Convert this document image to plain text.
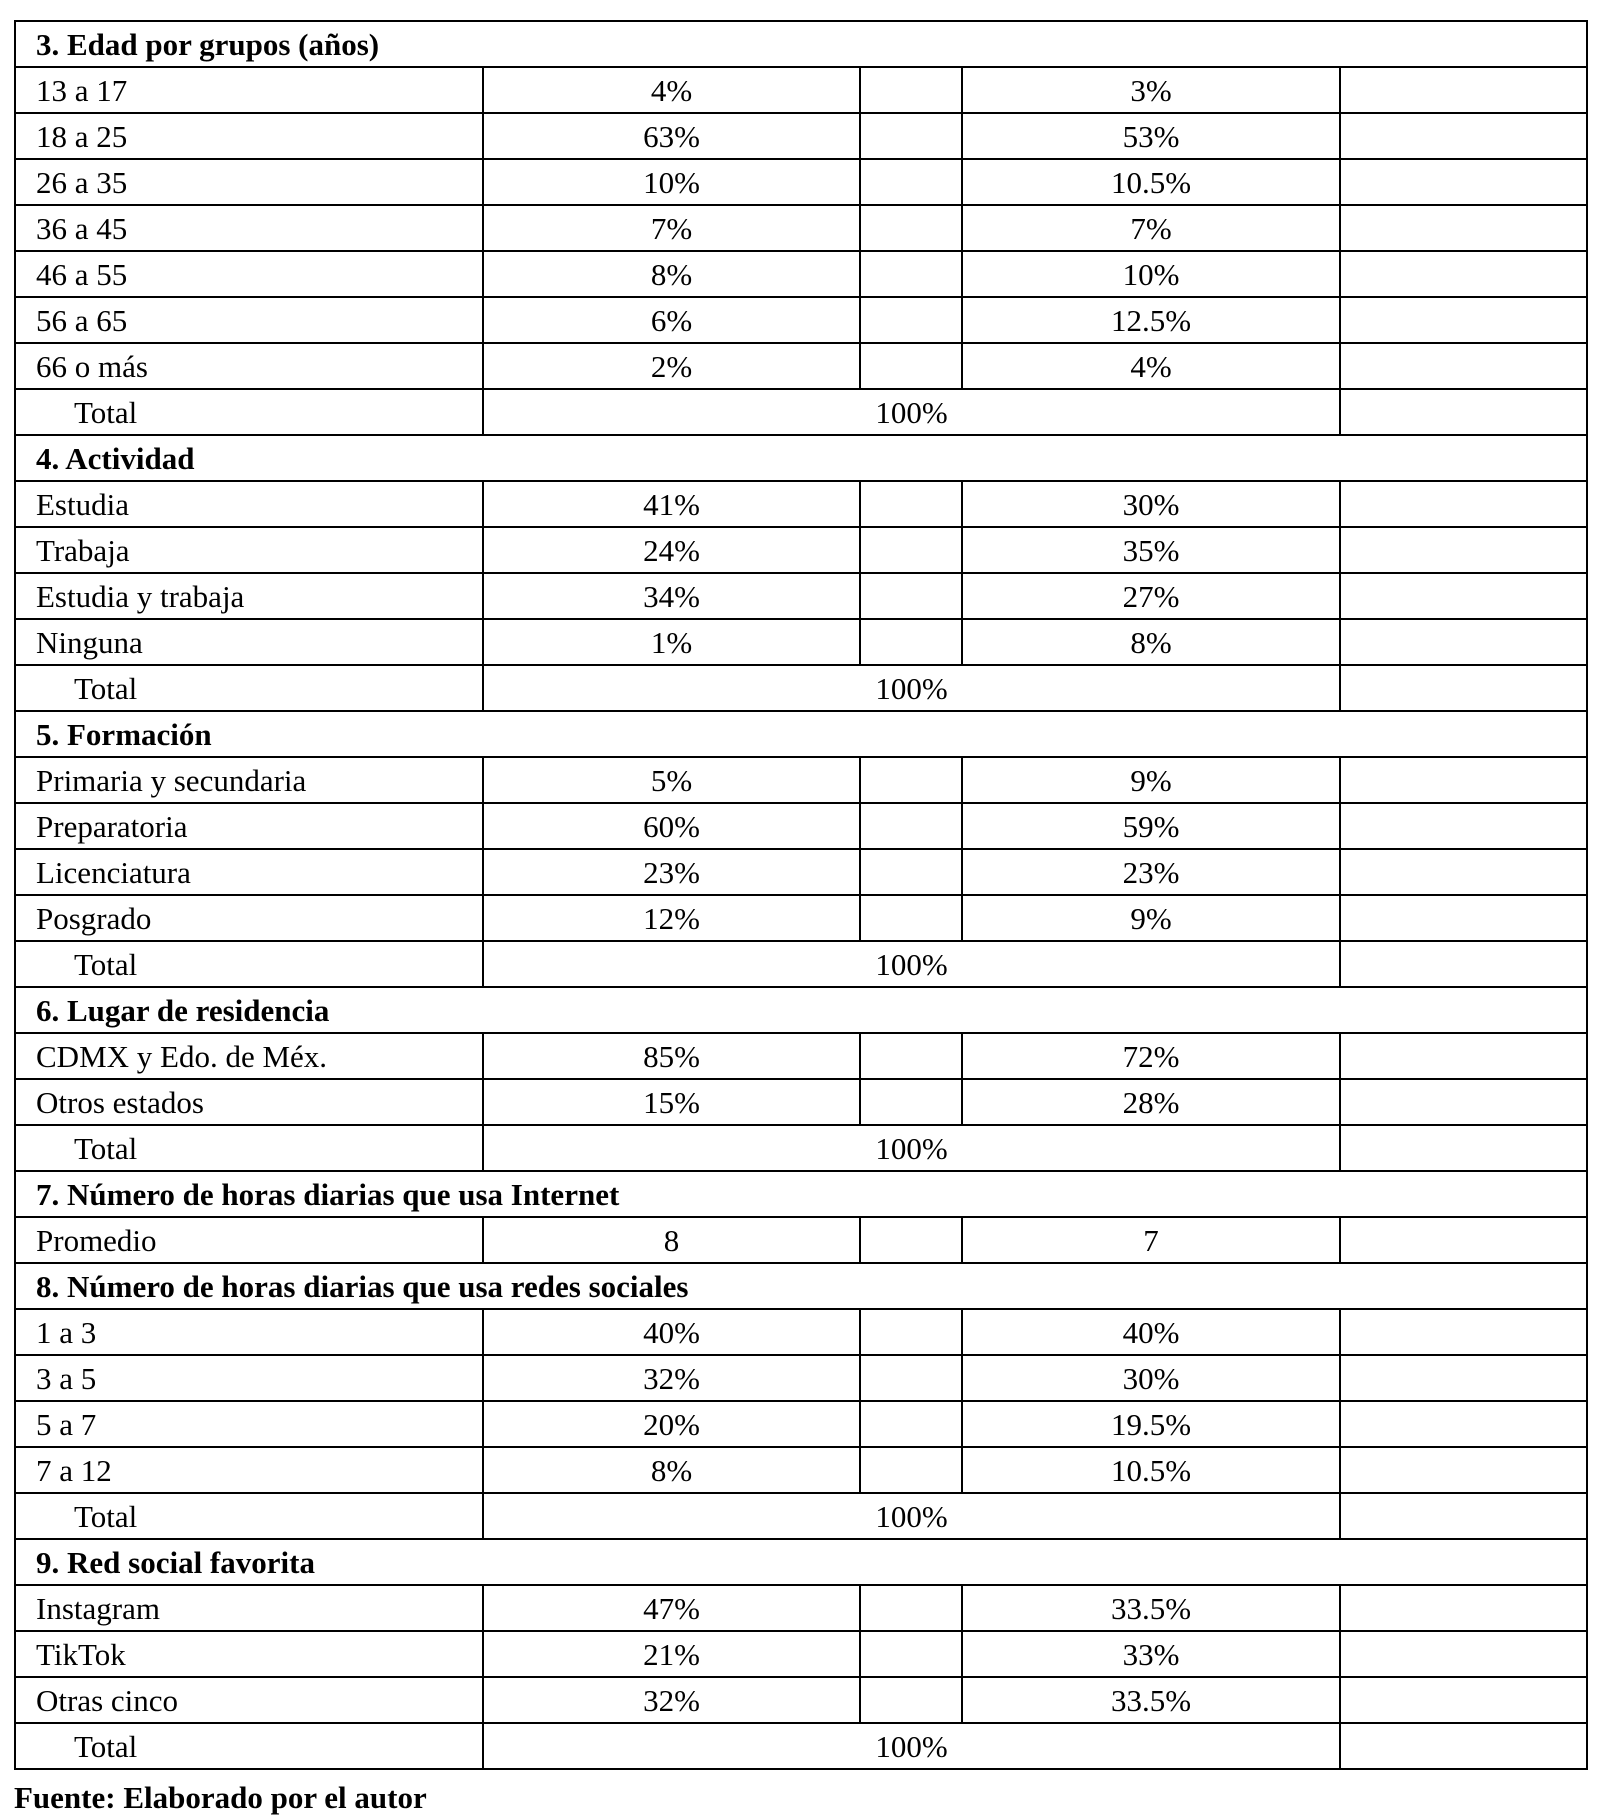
3. Edad por grupos (años)				
13 a 17	4%		3%	
18 a 25	63%		53%	
26 a 35	10%		10.5%	
36 a 45	7%		7%	
46 a 55	8%		10%	
56 a 65	6%		12.5%	
66 o más	2%		4%	
Total	100%			
4. Actividad				
Estudia	41%		30%	
Trabaja	24%		35%	
Estudia y trabaja	34%		27%	
Ninguna	1%		8%	
Total	100%			
5. Formación				
Primaria y secundaria	5%		9%	
Preparatoria	60%		59%	
Licenciatura	23%		23%	
Posgrado	12%		9%	
Total	100%			
6. Lugar de residencia				
CDMX y Edo. de Méx.	85%		72%	
Otros estados	15%		28%	
Total	100%			
7. Número de horas diarias que usa Internet				
Promedio	8		7	
8. Número de horas diarias que usa redes sociales				
1 a 3	40%		40%	
3 a 5	32%		30%	
5 a 7	20%		19.5%	
7 a 12	8%		10.5%	
Total	100%			
9. Red social favorita				
Instagram	47%		33.5%	
TikTok	21%		33%	
Otras cinco	32%		33.5%	
Total	100%			
Fuente: Elaborado por el autor
